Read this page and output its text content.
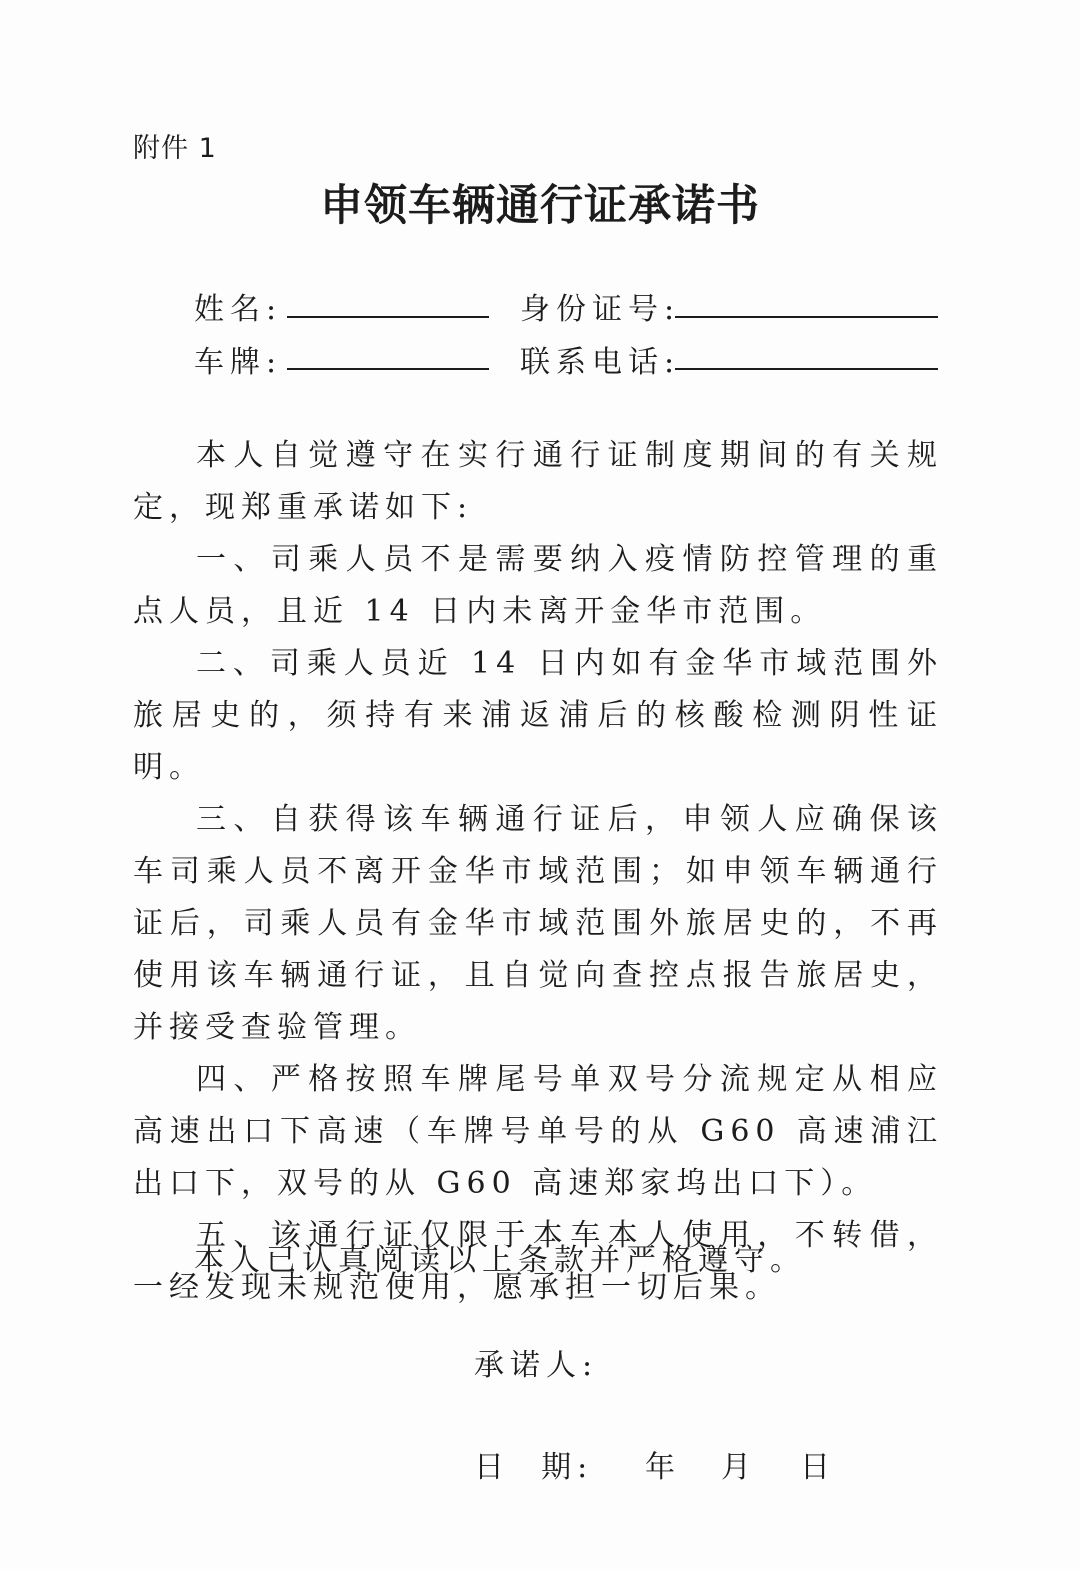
附件 1
申领车辆通行证承诺书
姓名:	身份证号:
车牌:	联系电话:

本人自觉遵守在实行通行证制度期间的有关规定，现郑重承诺如下:

一、司乘人员不是需要纳入疫情防控管理的重点人员，且近 14 日内未离开金华市范围。

二、司乘人员近 14 日内如有金华市域范围外旅居史的，须持有来浦返浦后的核酸检测阴性证明。

三、自获得该车辆通行证后，申领人应确保该车司乘人员不离开金华市域范围；如申领车辆通行证后，司乘人员有金华市域范围外旅居史的，不再使用该车辆通行证，且自觉向查控点报告旅居史，并接受查验管理。

四、严格按照车牌尾号单双号分流规定从相应高速出口下高速（车牌号单号的从 G60 高速浦江出口下，双号的从 G60 高速郑家坞出口下）。

五、该通行证仅限于本车本人使用，不转借，一经发现未规范使用，愿承担一切后果。

本人已认真阅读以上条款并严格遵守。
承诺人:
日  期: 年 月 日
